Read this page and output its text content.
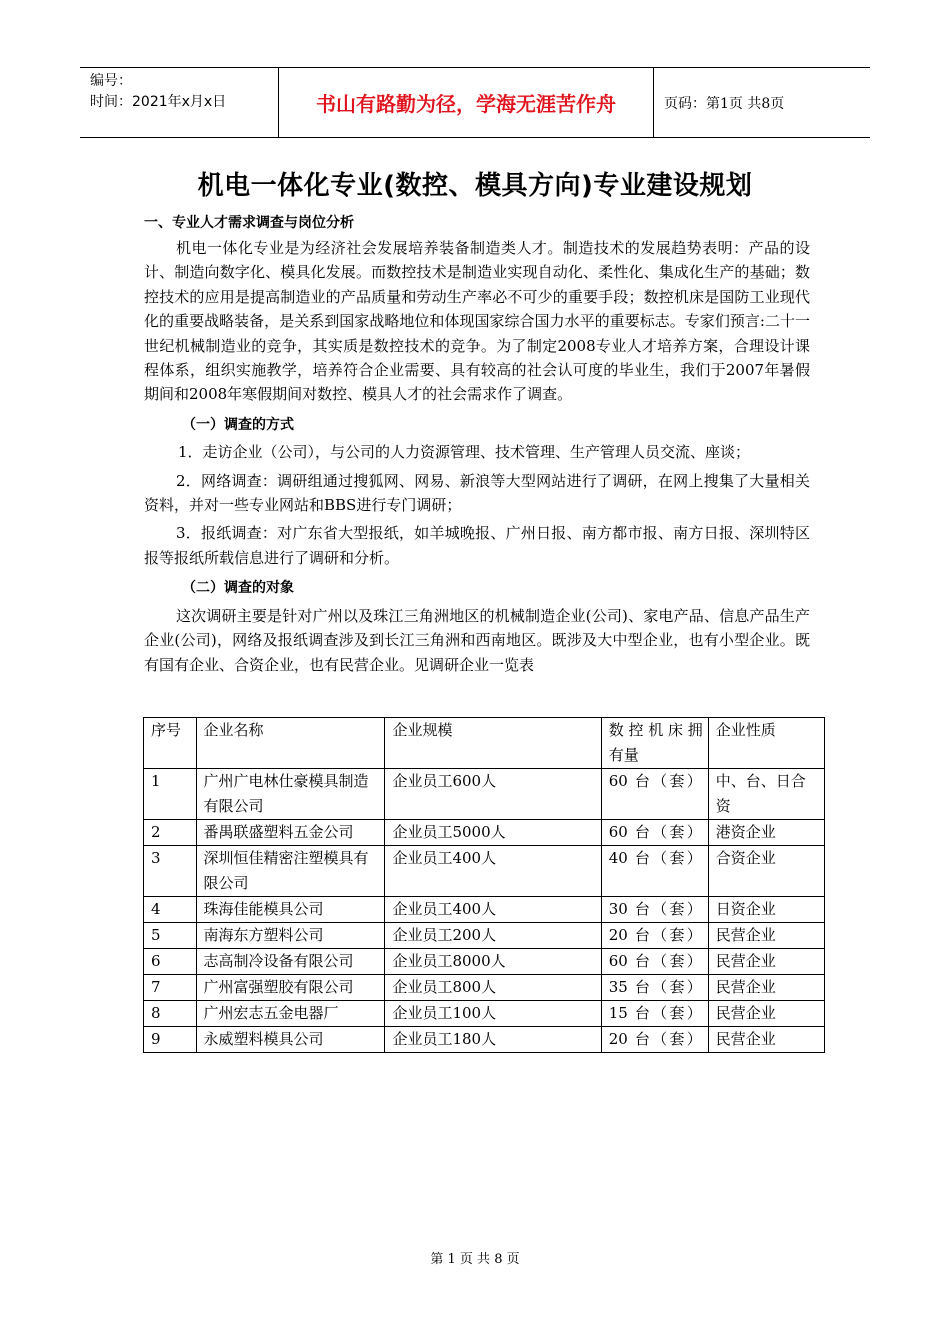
编号：
时间：2021年x月x日	书山有路勤为径，学海无涯苦作舟	页码：第1页 共8页
机电一体化专业(数控、模具方向)专业建设规划
一、专业人才需求调查与岗位分析

机电一体化专业是为经济社会发展培养装备制造类人才。制造技术的发展趋势表明：产品的设计、制造向数字化、模具化发展。而数控技术是制造业实现自动化、柔性化、集成化生产的基础；数控技术的应用是提高制造业的产品质量和劳动生产率必不可少的重要手段；数控机床是国防工业现代化的重要战略装备，是关系到国家战略地位和体现国家综合国力水平的重要标志。专家们预言:二十一世纪机械制造业的竞争，其实质是数控技术的竞争。为了制定2008专业人才培养方案，合理设计课程体系，组织实施教学，培养符合企业需要、具有较高的社会认可度的毕业生，我们于2007年暑假期间和2008年寒假期间对数控、模具人才的社会需求作了调查。

（一）调查的方式

1．走访企业（公司），与公司的人力资源管理、技术管理、生产管理人员交流、座谈；

2．网络调查：调研组通过搜狐网、网易、新浪等大型网站进行了调研，在网上搜集了大量相关资料，并对一些专业网站和BBS进行专门调研；

3．报纸调查：对广东省大型报纸，如羊城晚报、广州日报、南方都市报、南方日报、深圳特区报等报纸所载信息进行了调研和分析。

（二）调查的对象

这次调研主要是针对广州以及珠江三角洲地区的机械制造企业(公司)、家电产品、信息产品生产企业(公司)，网络及报纸调查涉及到长江三角洲和西南地区。既涉及大中型企业，也有小型企业。既有国有企业、合资企业，也有民营企业。见调研企业一览表

序号	企业名称	企业规模	数 控 机 床 拥有量	企业性质
1	广州广电林仕豪模具制造有限公司	企业员工600人	60 台（套）	中、台、日合资
2	番禺联盛塑料五金公司	企业员工5000人	60 台（套）	港资企业
3	深圳恒佳精密注塑模具有限公司	企业员工400人	40 台（套）	合资企业
4	珠海佳能模具公司	企业员工400人	30 台（套）	日资企业
5	南海东方塑料公司	企业员工200人	20 台（套）	民营企业
6	志高制冷设备有限公司	企业员工8000人	60 台（套）	民营企业
7	广州富强塑胶有限公司	企业员工800人	35 台（套）	民营企业
8	广州宏志五金电器厂	企业员工100人	15 台（套）	民营企业
9	永威塑料模具公司	企业员工180人	20 台（套）	民营企业
第 1 页 共 8 页
